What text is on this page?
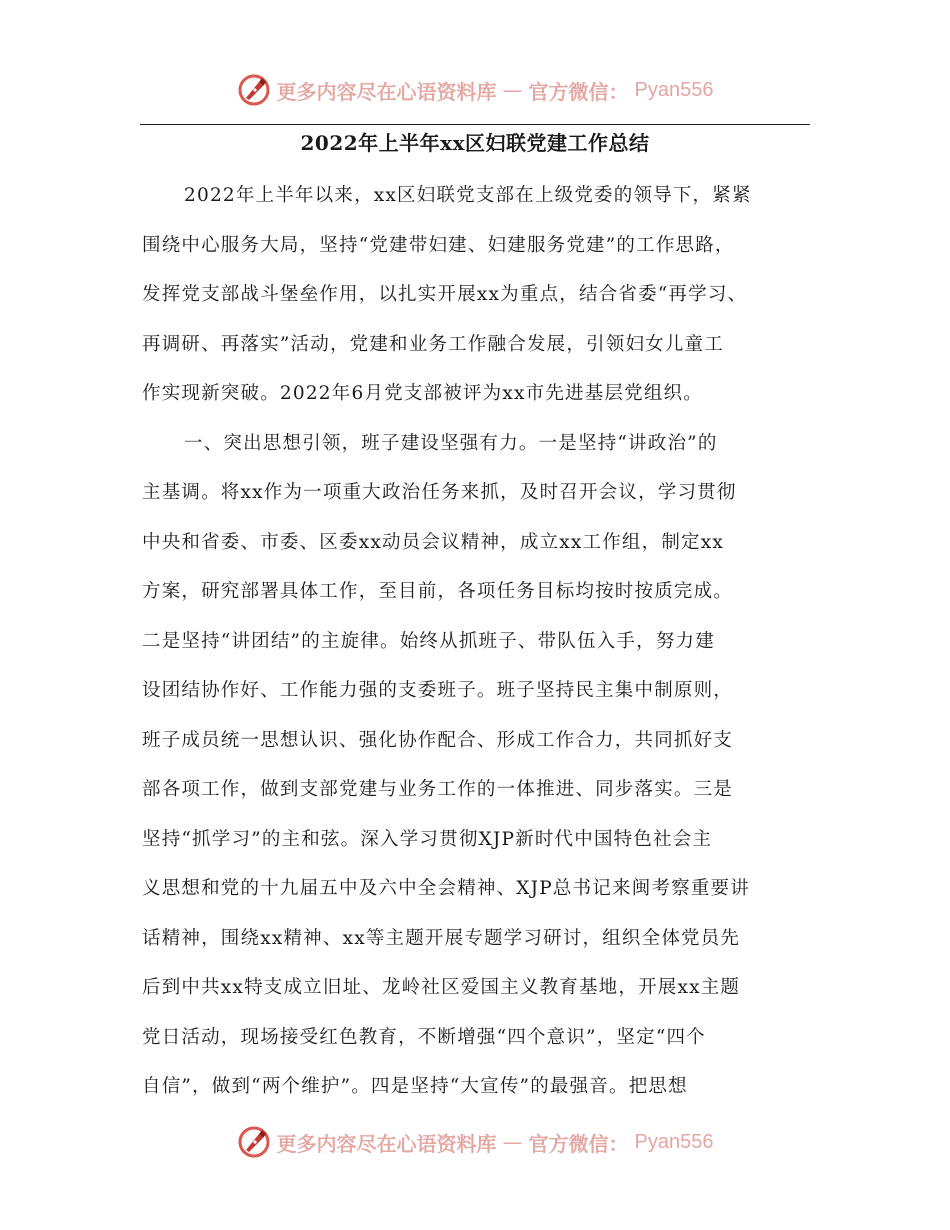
更多内容尽在心语资料库 — 官方微信： Pyan556
2022年上半年xx区妇联党建工作总结
2022年上半年以来，xx区妇联党支部在上级党委的领导下，紧紧
围绕中心服务大局，坚持“党建带妇建、妇建服务党建”的工作思路，
发挥党支部战斗堡垒作用，以扎实开展xx为重点，结合省委“再学习、
再调研、再落实”活动，党建和业务工作融合发展，引领妇女儿童工
作实现新突破。2022年6月党支部被评为xx市先进基层党组织。
一、突出思想引领，班子建设坚强有力。一是坚持“讲政治”的
主基调。将xx作为一项重大政治任务来抓，及时召开会议，学习贯彻
中央和省委、市委、区委xx动员会议精神，成立xx工作组，制定xx
方案，研究部署具体工作，至目前，各项任务目标均按时按质完成。
二是坚持“讲团结”的主旋律。始终从抓班子、带队伍入手，努力建
设团结协作好、工作能力强的支委班子。班子坚持民主集中制原则，
班子成员统一思想认识、强化协作配合、形成工作合力，共同抓好支
部各项工作，做到支部党建与业务工作的一体推进、同步落实。三是
坚持“抓学习”的主和弦。深入学习贯彻XJP新时代中国特色社会主
义思想和党的十九届五中及六中全会精神、XJP总书记来闽考察重要讲
话精神，围绕xx精神、xx等主题开展专题学习研讨，组织全体党员先
后到中共xx特支成立旧址、龙岭社区爱国主义教育基地，开展xx主题
党日活动，现场接受红色教育，不断增强“四个意识”，坚定“四个
自信”，做到“两个维护”。四是坚持“大宣传”的最强音。把思想
更多内容尽在心语资料库 — 官方微信： Pyan556
